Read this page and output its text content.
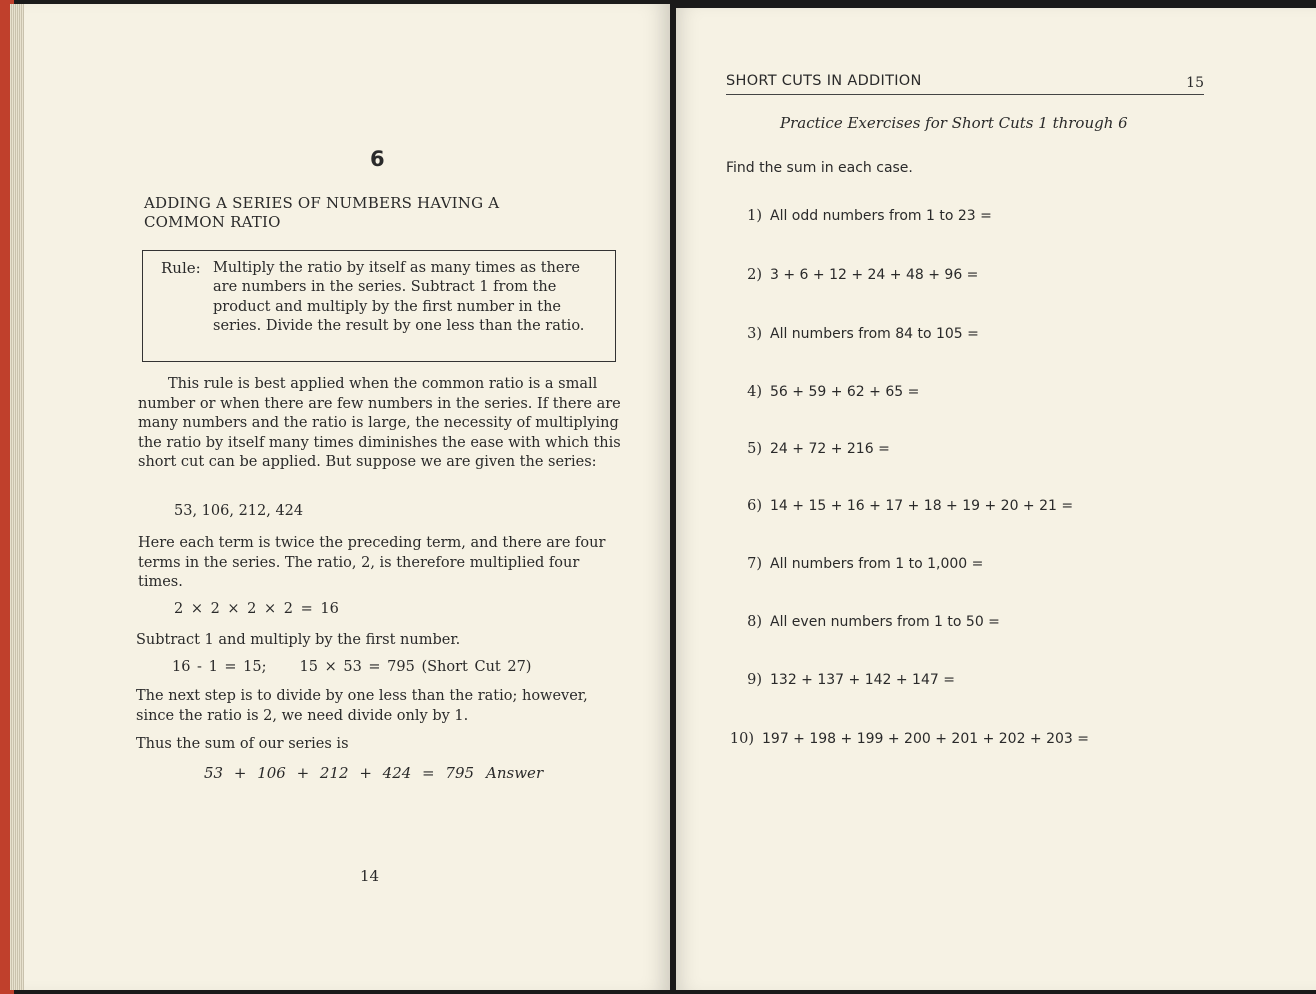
6
ADDING A SERIES OF NUMBERS HAVING A COMMON RATIO
Rule: Multiply the ratio by itself as many times as there are numbers in the series. Subtract 1 from the product and multiply by the first number in the series. Divide the result by one less than the ratio.
This rule is best applied when the common ratio is a small number or when there are few numbers in the series. If there are many numbers and the ratio is large, the necessity of multiplying the ratio by itself many times diminishes the ease with which this short cut can be applied. But suppose we are given the series:
53, 106, 212, 424
Here each term is twice the preceding term, and there are four terms in the series. The ratio, 2, is therefore multiplied four times.
2 × 2 × 2 × 2 = 16
Subtract 1 and multiply by the first number.
16 - 1 = 15;     15 × 53 = 795 (Short Cut 27)
The next step is to divide by one less than the ratio; however, since the ratio is 2, we need divide only by 1.
Thus the sum of our series is
53 + 106 + 212 + 424 = 795 Answer
14
SHORT CUTS IN ADDITION	15
Practice Exercises for Short Cuts 1 through 6
Find the sum in each case.
1) All odd numbers from 1 to 23 =
2) 3 + 6 + 12 + 24 + 48 + 96 =
3) All numbers from 84 to 105 =
4) 56 + 59 + 62 + 65 =
5) 24 + 72 + 216 =
6) 14 + 15 + 16 + 17 + 18 + 19 + 20 + 21 =
7) All numbers from 1 to 1,000 =
8) All even numbers from 1 to 50 =
9) 132 + 137 + 142 + 147 =
10) 197 + 198 + 199 + 200 + 201 + 202 + 203 =
